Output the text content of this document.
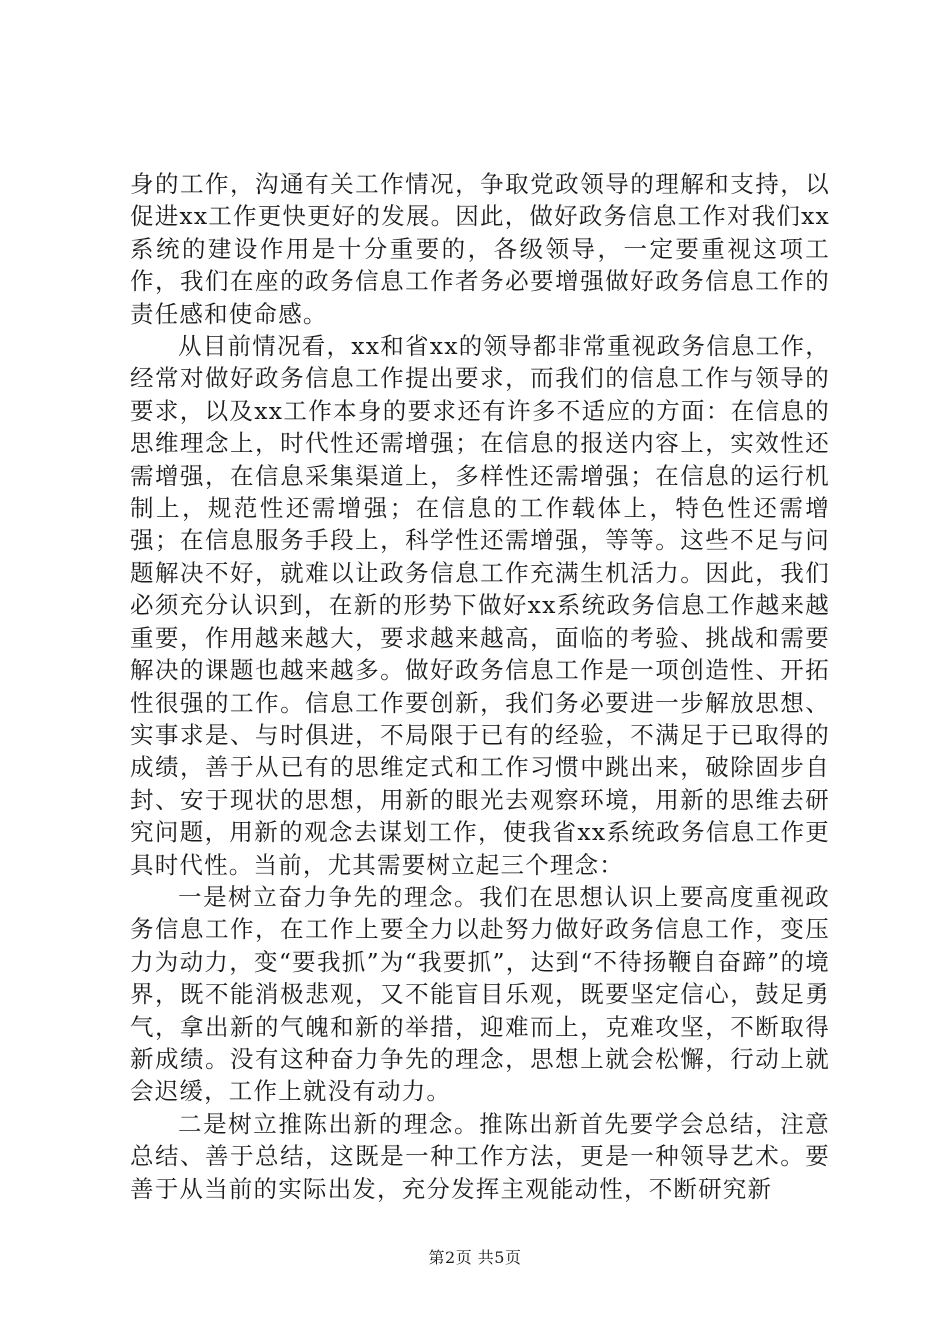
身的工作，沟通有关工作情况，争取党政领导的理解和支持，以促进xx工作更快更好的发展。因此，做好政务信息工作对我们xx系统的建设作用是十分重要的，各级领导，一定要重视这项工作，我们在座的政务信息工作者务必要增强做好政务信息工作的责任感和使命感。

从目前情况看，xx和省xx的领导都非常重视政务信息工作，经常对做好政务信息工作提出要求，而我们的信息工作与领导的要求，以及xx工作本身的要求还有许多不适应的方面：在信息的思维理念上，时代性还需增强；在信息的报送内容上，实效性还需增强，在信息采集渠道上，多样性还需增强；在信息的运行机制上，规范性还需增强；在信息的工作载体上，特色性还需增强；在信息服务手段上，科学性还需增强，等等。这些不足与问题解决不好，就难以让政务信息工作充满生机活力。因此，我们必须充分认识到，在新的形势下做好xx系统政务信息工作越来越重要，作用越来越大，要求越来越高，面临的考验、挑战和需要解决的课题也越来越多。做好政务信息工作是一项创造性、开拓性很强的工作。信息工作要创新，我们务必要进一步解放思想、实事求是、与时俱进，不局限于已有的经验，不满足于已取得的成绩，善于从已有的思维定式和工作习惯中跳出来，破除固步自封、安于现状的思想，用新的眼光去观察环境，用新的思维去研究问题，用新的观念去谋划工作，使我省xx系统政务信息工作更具时代性。当前，尤其需要树立起三个理念：

一是树立奋力争先的理念。我们在思想认识上要高度重视政务信息工作，在工作上要全力以赴努力做好政务信息工作，变压力为动力，变“要我抓”为“我要抓”，达到“不待扬鞭自奋蹄”的境界，既不能消极悲观，又不能盲目乐观，既要坚定信心，鼓足勇气，拿出新的气魄和新的举措，迎难而上，克难攻坚，不断取得新成绩。没有这种奋力争先的理念，思想上就会松懈，行动上就会迟缓，工作上就没有动力。

二是树立推陈出新的理念。推陈出新首先要学会总结，注意总结、善于总结，这既是一种工作方法，更是一种领导艺术。要善于从当前的实际出发，充分发挥主观能动性，不断研究新

第2页 共5页
